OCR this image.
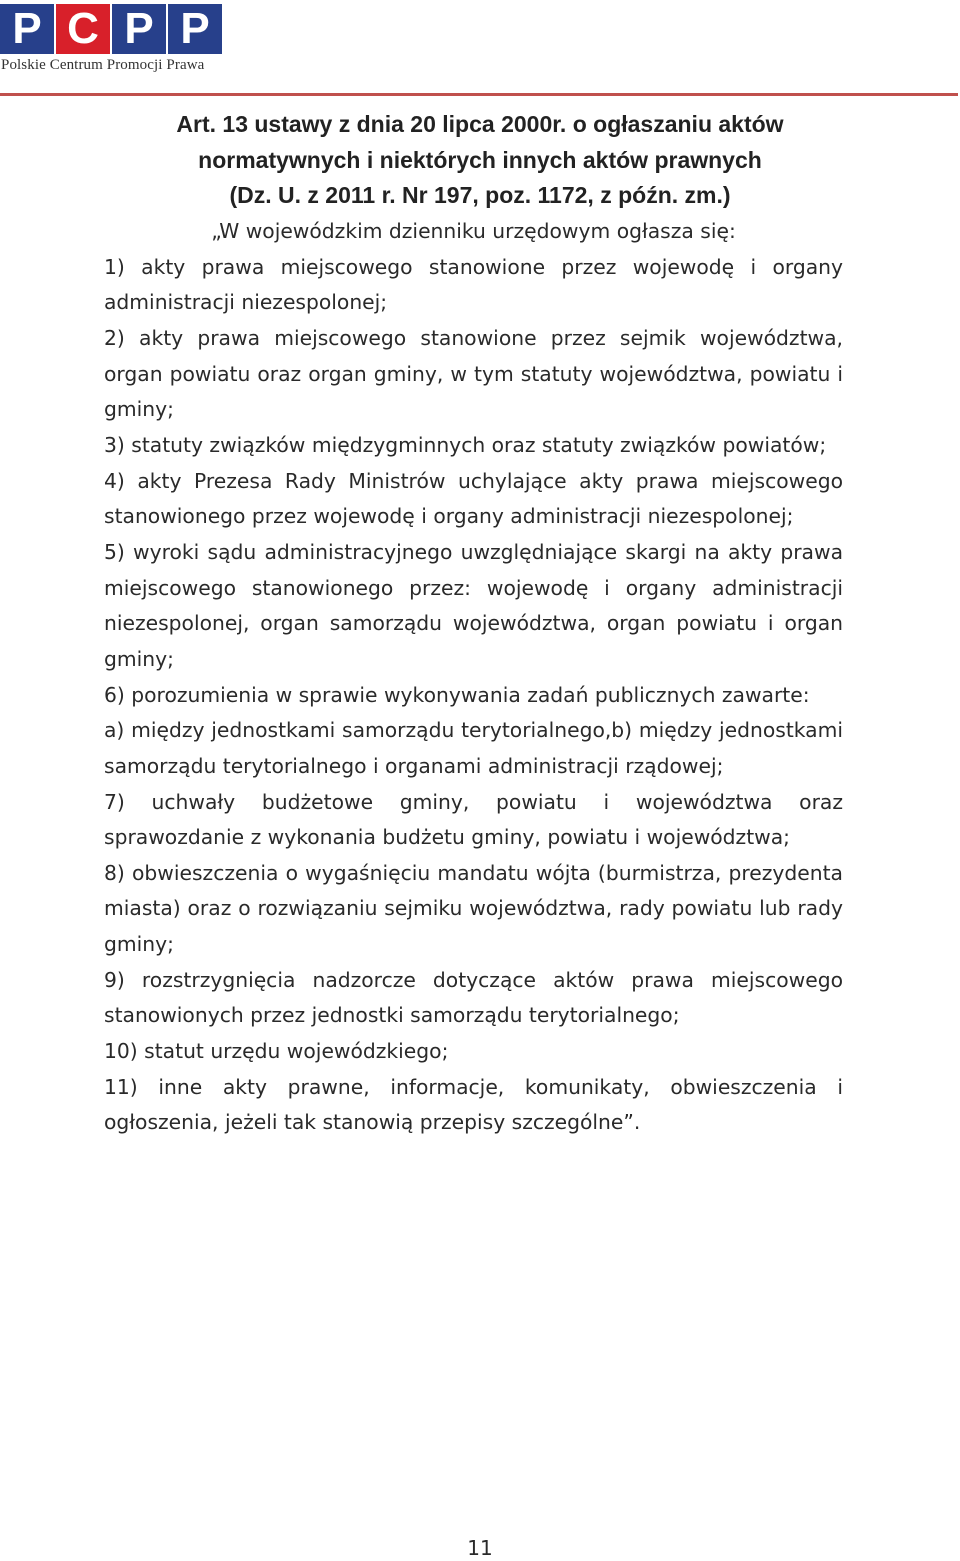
P C P P
Polskie Centrum Promocji Prawa
Art. 13 ustawy z dnia 20 lipca 2000r. o ogłaszaniu aktów
normatywnych i niektórych innych aktów prawnych
(Dz. U. z 2011 r. Nr 197, poz. 1172, z późn. zm.)

„W wojewódzkim dzienniku urzędowym ogłasza się:

1) akty prawa miejscowego stanowione przez wojewodę i organy administracji niezespolonej;

2) akty prawa miejscowego stanowione przez sejmik województwa, organ powiatu oraz organ gminy, w tym statuty województwa, powiatu i gminy;

3) statuty związków międzygminnych oraz statuty związków powiatów;

4) akty Prezesa Rady Ministrów uchylające akty prawa miejscowego stanowionego przez wojewodę i organy administracji niezespolonej;

5) wyroki sądu administracyjnego uwzględniające skargi na akty prawa miejscowego stanowionego przez: wojewodę i organy administracji niezespolonej, organ samorządu województwa, organ powiatu i organ gminy;

6) porozumienia w sprawie wykonywania zadań publicznych zawarte:

a) między jednostkami samorządu terytorialnego,b) między jednostkami samorządu terytorialnego i organami administracji rządowej;

7) uchwały budżetowe gminy, powiatu i województwa oraz sprawozdanie z wykonania budżetu gminy, powiatu i województwa;

8) obwieszczenia o wygaśnięciu mandatu wójta (burmistrza, prezydenta miasta) oraz o rozwiązaniu sejmiku województwa, rady powiatu lub rady gminy;

9) rozstrzygnięcia nadzorcze dotyczące aktów prawa miejscowego stanowionych przez jednostki samorządu terytorialnego;

10) statut urzędu wojewódzkiego;

11) inne akty prawne, informacje, komunikaty, obwieszczenia i ogłoszenia, jeżeli tak stanowią przepisy szczególne”.

11
